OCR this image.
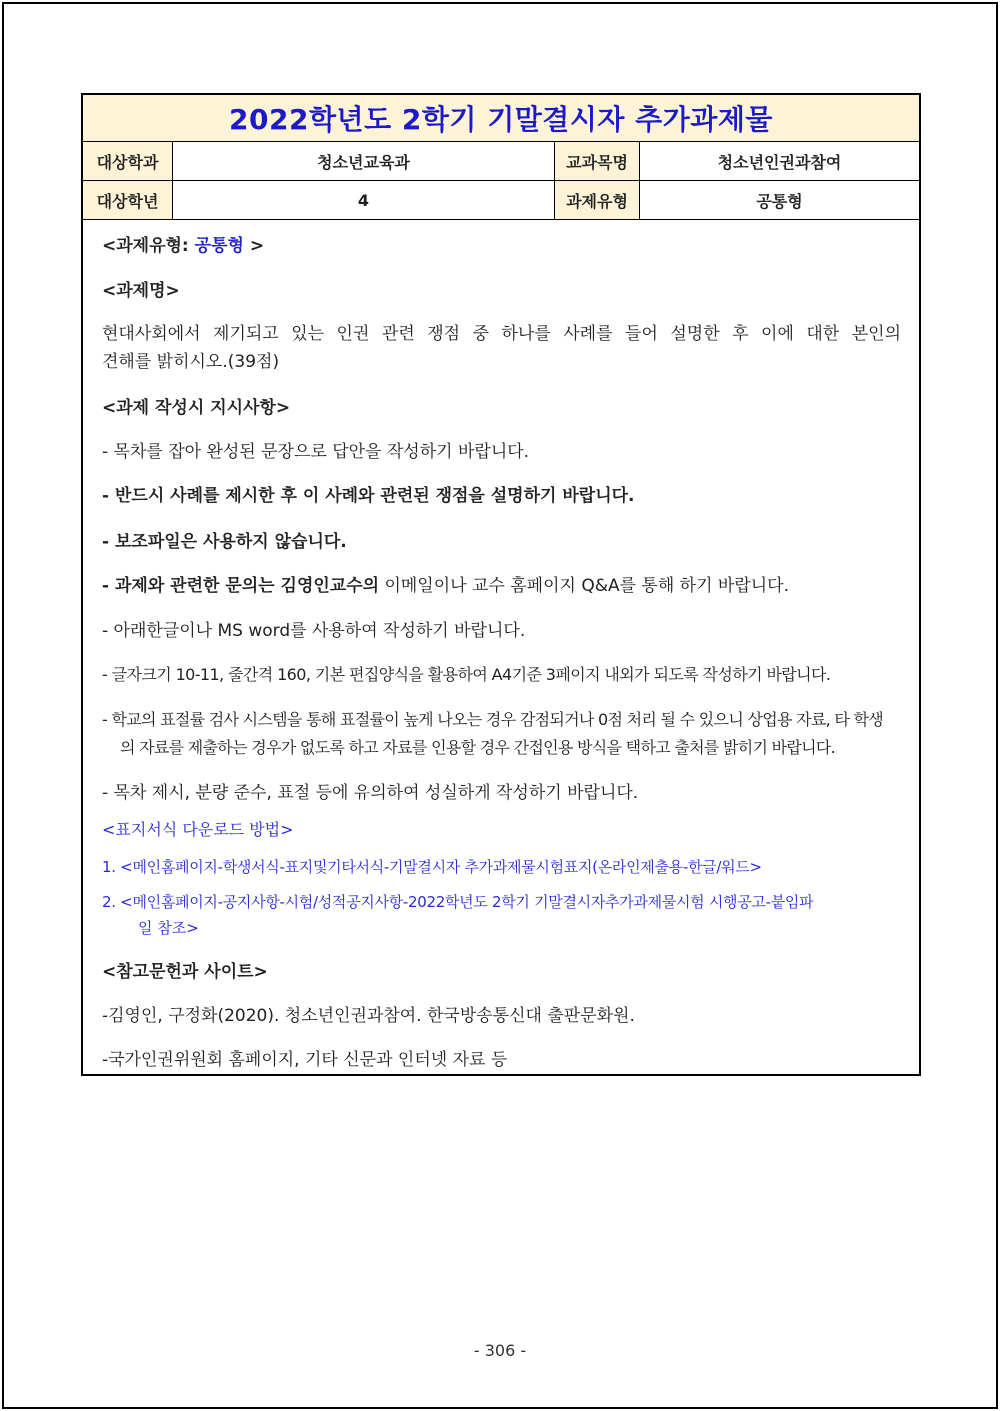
2022학년도 2학기 기말결시자 추가과제물
대상학과	청소년교육과	교과목명	청소년인권과참여
대상학년	4	과제유형	공통형
<과제유형: 공통형 >
<과제명>
현대사회에서 제기되고 있는 인권 관련 쟁점 중 하나를 사례를 들어 설명한 후 이에 대한 본인의
견해를 밝히시오.(39점)
<과제 작성시 지시사항>
- 목차를 잡아 완성된 문장으로 답안을 작성하기 바랍니다.
- 반드시 사례를 제시한 후 이 사례와 관련된 쟁점을 설명하기 바랍니다.
- 보조파일은 사용하지 않습니다.
- 과제와 관련한 문의는 김영인교수의 이메일이나 교수 홈페이지 Q&A를 통해 하기 바랍니다.
- 아래한글이나 MS word를 사용하여 작성하기 바랍니다.
- 글자크기 10-11, 줄간격 160, 기본 편집양식을 활용하여 A4기준 3페이지 내외가 되도록 작성하기 바랍니다.
- 학교의 표절률 검사 시스템을 통해 표절률이 높게 나오는 경우 감점되거나 0점 처리 될 수 있으니 상업용 자료, 타 학생
의 자료를 제출하는 경우가 없도록 하고 자료를 인용할 경우 간접인용 방식을 택하고 출처를 밝히기 바랍니다.
- 목차 제시, 분량 준수, 표절 등에 유의하여 성실하게 작성하기 바랍니다.
<표지서식 다운로드 방법>
1. <메인홈페이지-학생서식-표지및기타서식-기말결시자 추가과제물시험표지(온라인제출용-한글/워드>
2. <메인홈페이지-공지사항-시험/성적공지사항-2022학년도 2학기 기말결시자추가과제물시험 시행공고-붙임파
일 참조>
<참고문헌과 사이트>
-김영인, 구정화(2020). 청소년인권과참여. 한국방송통신대 출판문화원.
-국가인권위원회 홈페이지, 기타 신문과 인터넷 자료 등
- 306 -
